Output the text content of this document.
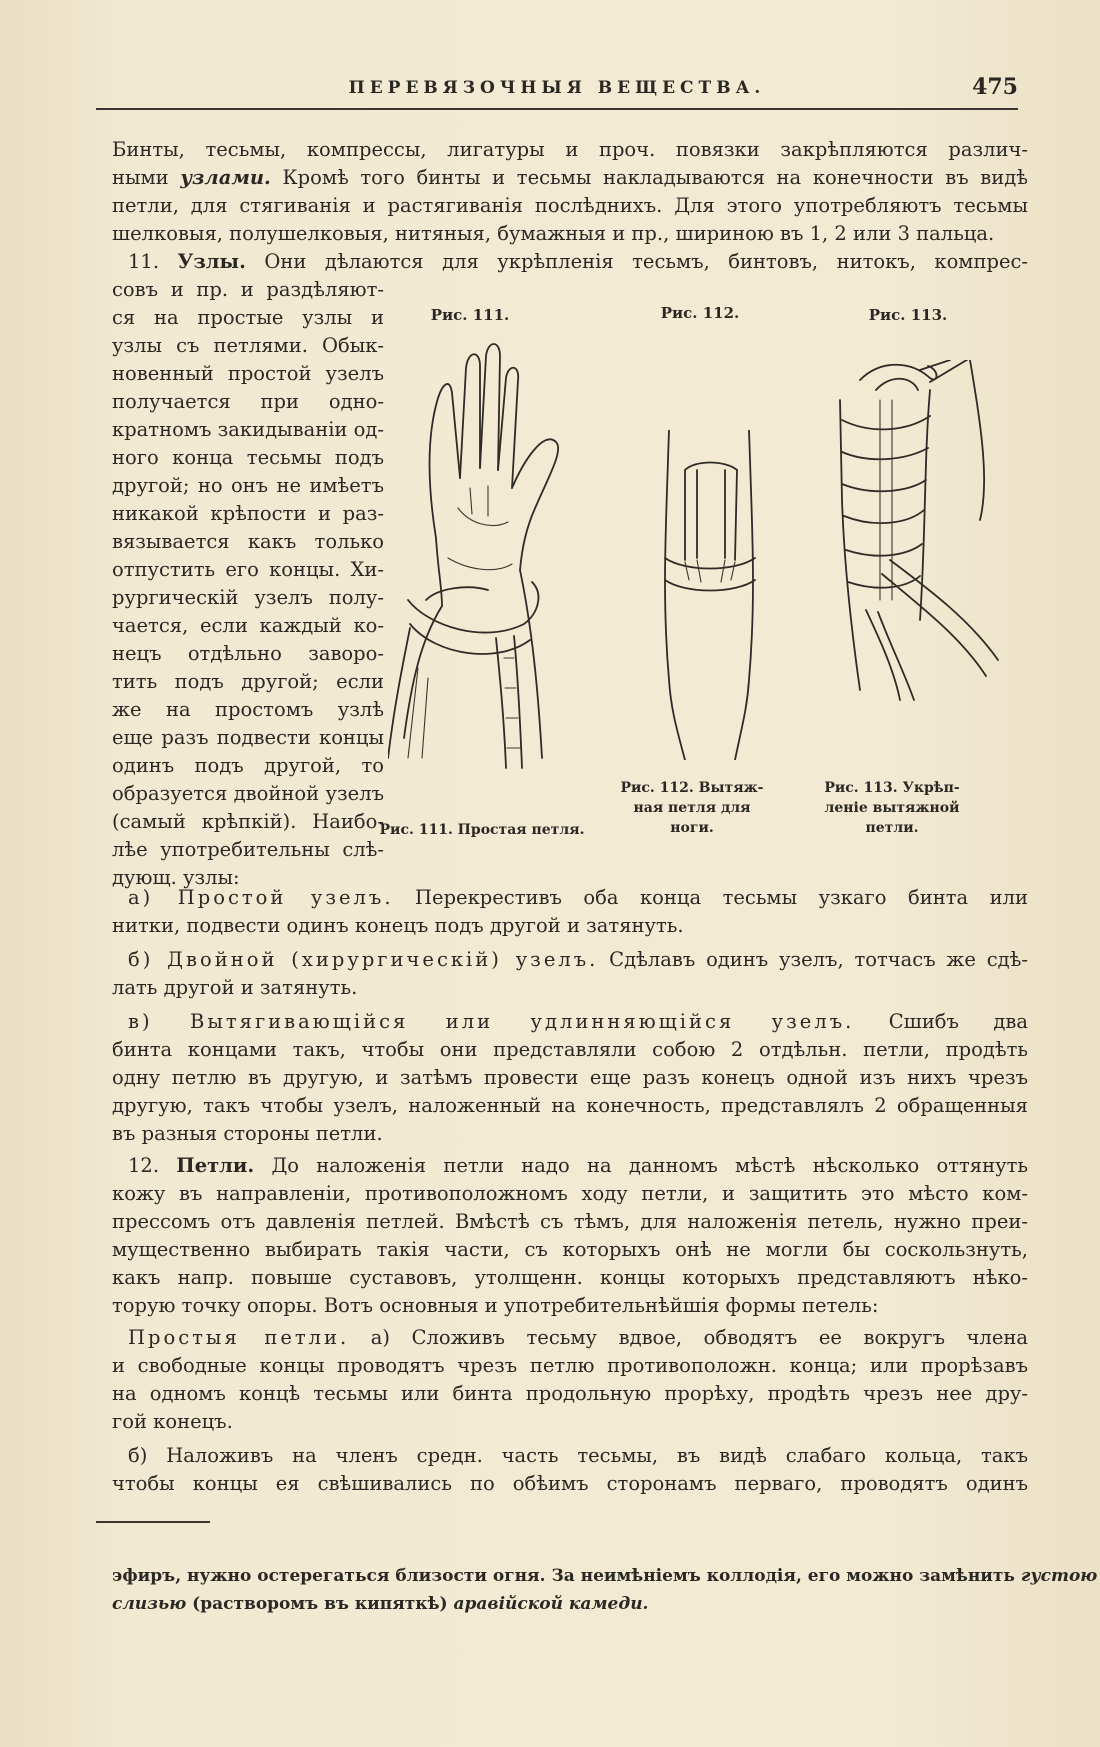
ПЕРЕВЯЗОЧНЫЯ ВЕЩЕСТВА.	475

Бинты, тесьмы, компрессы, лигатуры и проч. повязки закрѣпляются различ-

ными узлами. Кромѣ того бинты и тесьмы накладываются на конечности въ видѣ

петли, для стягиванія и растягиванія послѣднихъ. Для этого употребляютъ тесьмы

шелковыя, полушелковыя, нитяныя, бумажныя и пр., шириною въ 1, 2 или 3 пальца.

11. Узлы. Они дѣлаются для укрѣпленія тесьмъ, бинтовъ, нитокъ, компрес-

совъ и пр. и раздѣляют-

ся на простые узлы и

узлы съ петлями. Обык-

новенный простой узелъ

получается при одно-

кратномъ закидываніи од-

ного конца тесьмы подъ

другой; но онъ не имѣетъ

никакой крѣпости и раз-

вязывается какъ только

отпустить его концы. Хи-

рургическій узелъ полу-

чается, если каждый ко-

нецъ отдѣльно заворо-

тить подъ другой; если

же на простомъ узлѣ

еще разъ подвести концы

одинъ подъ другой, то

образуется двойной узелъ

(самый крѣпкій). Наибо-

лѣе употребительны слѣ-

дующ. узлы:

Рис. 111.
Рис. 111. Простая петля.
Рис. 112.
Рис. 112. Вытяж-ная петля для ноги.
Рис. 113.
Рис. 113. Укрѣп-леніе вытяжной петли.

а) Простой узелъ. Перекрестивъ оба конца тесьмы узкаго бинта или

нитки, подвести одинъ конецъ подъ другой и затянуть.

б) Двойной (хирургическій) узелъ. Сдѣлавъ одинъ узелъ, тотчасъ же сдѣ-

лать другой и затянуть.

в) Вытягивающійся или удлинняющійся узелъ. Сшибъ два

бинта концами такъ, чтобы они представляли собою 2 отдѣльн. петли, продѣть

одну петлю въ другую, и затѣмъ провести еще разъ конецъ одной изъ нихъ чрезъ

другую, такъ чтобы узелъ, наложенный на конечность, представлялъ 2 обращенныя

въ разныя стороны петли.

12. Петли. До наложенія петли надо на данномъ мѣстѣ нѣсколько оттянуть

кожу въ направленіи, противоположномъ ходу петли, и защитить это мѣсто ком-

прессомъ отъ давленія петлей. Вмѣстѣ съ тѣмъ, для наложенія петель, нужно преи-

мущественно выбирать такія части, съ которыхъ онѣ не могли бы соскользнуть,

какъ напр. повыше суставовъ, утолщенн. концы которыхъ представляютъ нѣко-

торую точку опоры. Вотъ основныя и употребительнѣйшія формы петель:

Простыя петли. а) Сложивъ тесьму вдвое, обводятъ ее вокругъ члена

и свободные концы проводятъ чрезъ петлю противоположн. конца; или прорѣзавъ

на одномъ концѣ тесьмы или бинта продольную прорѣху, продѣть чрезъ нее дру-

гой конецъ.

б) Наложивъ на членъ средн. часть тесьмы, въ видѣ слабаго кольца, такъ

чтобы концы ея свѣшивались по обѣимъ сторонамъ перваго, проводятъ одинъ

эфиръ, нужно остерегаться близости огня. За неимѣніемъ коллодія, его можно замѣнить густою
слизью (растворомъ въ кипяткѣ) аравійской камеди.
